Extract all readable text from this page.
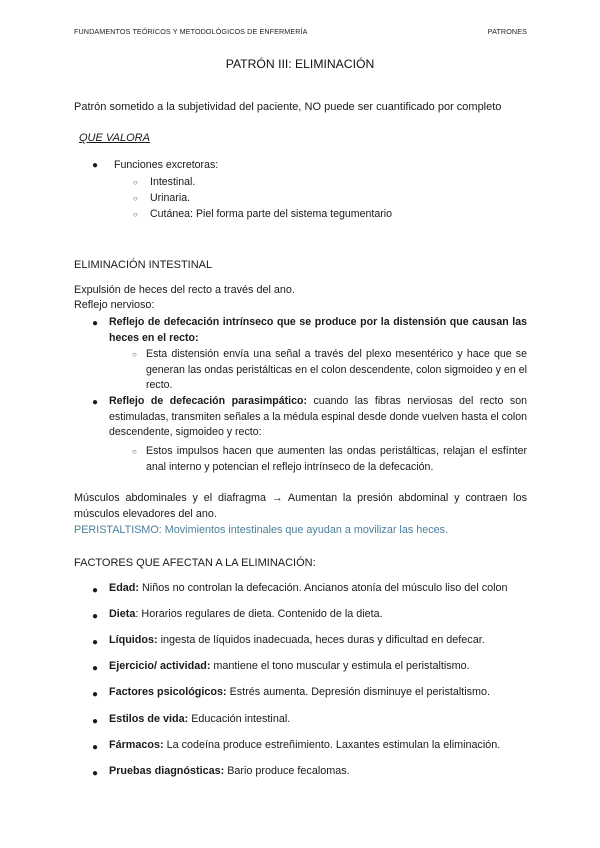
FUNDAMENTOS TEÓRICOS Y METODOLÓGICOS DE ENFERMERÍA	PATRONES
PATRÓN III: ELIMINACIÓN
Patrón sometido a la subjetividad del paciente, NO puede ser cuantificado por completo
QUE VALORA
● Funciones excretoras:
○ Intestinal.
○ Urinaria.
○ Cutánea: Piel forma parte del sistema tegumentario
ELIMINACIÓN INTESTINAL
Expulsión de heces del recto a través del ano.
Reflejo nervioso:
● Reflejo de defecación intrínseco que se produce por la distensión que causan las heces en el recto:
○ Esta distensión envía una señal a través del plexo mesentérico y hace que se generan las ondas peristálticas en el colon descendente, colon sigmoideo y en el recto.
● Reflejo de defecación parasimpático: cuando las fibras nerviosas del recto son estimuladas, transmiten señales a la médula espinal desde donde vuelven hasta el colon descendente, sigmoideo y recto:
○ Estos impulsos hacen que aumenten las ondas peristálticas, relajan el esfínter anal interno y potencian el reflejo intrínseco de la defecación.
Músculos abdominales y el diafragma → Aumentan la presión abdominal y contraen los músculos elevadores del ano.
PERISTALTISMO: Movimientos intestinales que ayudan a movilizar las heces.
FACTORES QUE AFECTAN A LA ELIMINACIÓN:
● Edad: Niños no controlan la defecación. Ancianos atonía del músculo liso del colon
● Dieta: Horarios regulares de dieta. Contenido de la dieta.
● Líquidos: ingesta de líquidos inadecuada, heces duras y dificultad en defecar.
● Ejercicio/ actividad: mantiene el tono muscular y estimula el peristaltismo.
● Factores psicológicos: Estrés aumenta. Depresión disminuye el peristaltismo.
● Estilos de vida: Educación intestinal.
● Fármacos: La codeína produce estreñimiento. Laxantes estimulan la eliminación.
● Pruebas diagnósticas: Bario produce fecalomas.
